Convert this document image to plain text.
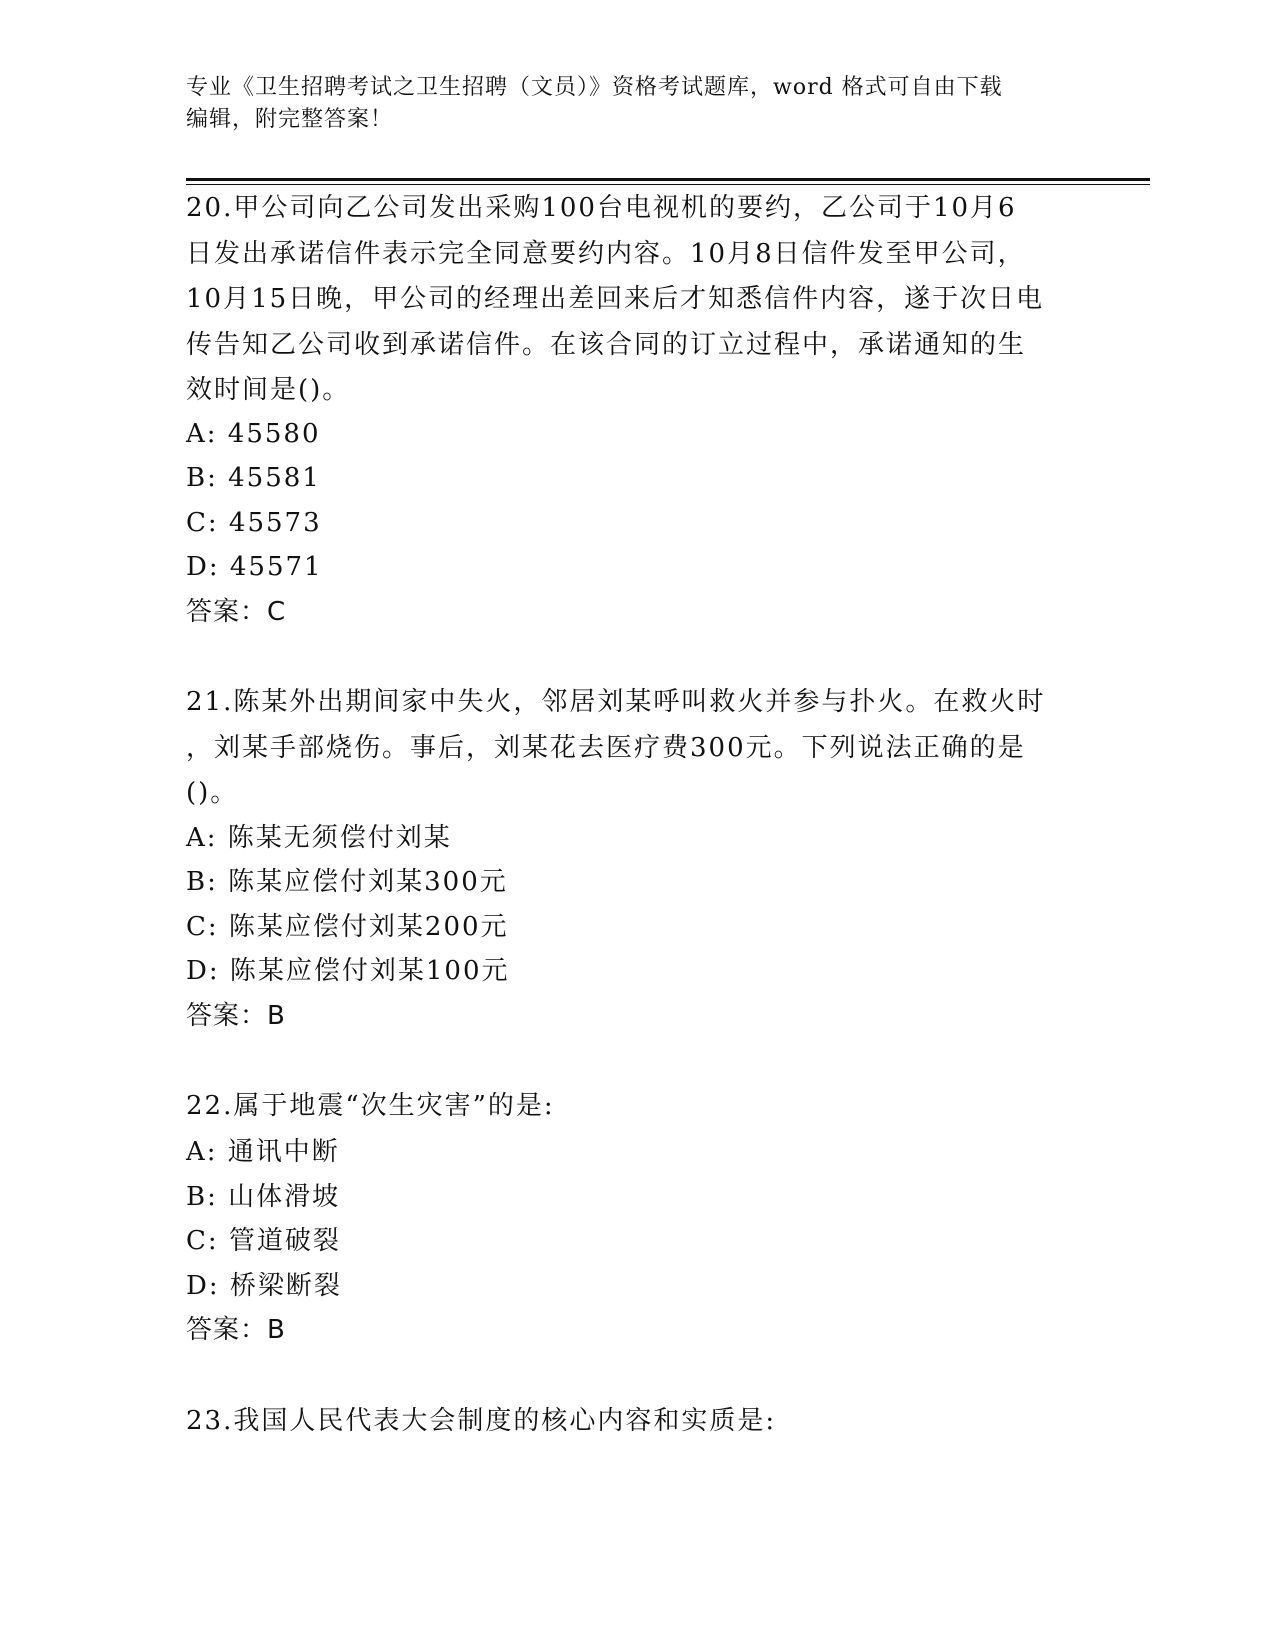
专业《卫生招聘考试之卫生招聘（文员）》资格考试题库，word 格式可自由下载
编辑，附完整答案！
20.甲公司向乙公司发出采购100台电视机的要约，乙公司于10月6
日发出承诺信件表示完全同意要约内容。10月8日信件发至甲公司，
10月15日晚，甲公司的经理出差回来后才知悉信件内容，遂于次日电
传告知乙公司收到承诺信件。在该合同的订立过程中，承诺通知的生
效时间是()。
A: 45580
B: 45581
C: 45573
D: 45571
答案：C
21.陈某外出期间家中失火，邻居刘某呼叫救火并参与扑火。在救火时
，刘某手部烧伤。事后，刘某花去医疗费300元。下列说法正确的是
()。
A: 陈某无须偿付刘某
B: 陈某应偿付刘某300元
C: 陈某应偿付刘某200元
D: 陈某应偿付刘某100元
答案：B
22.属于地震“次生灾害”的是:
A: 通讯中断
B: 山体滑坡
C: 管道破裂
D: 桥梁断裂
答案：B
23.我国人民代表大会制度的核心内容和实质是:
